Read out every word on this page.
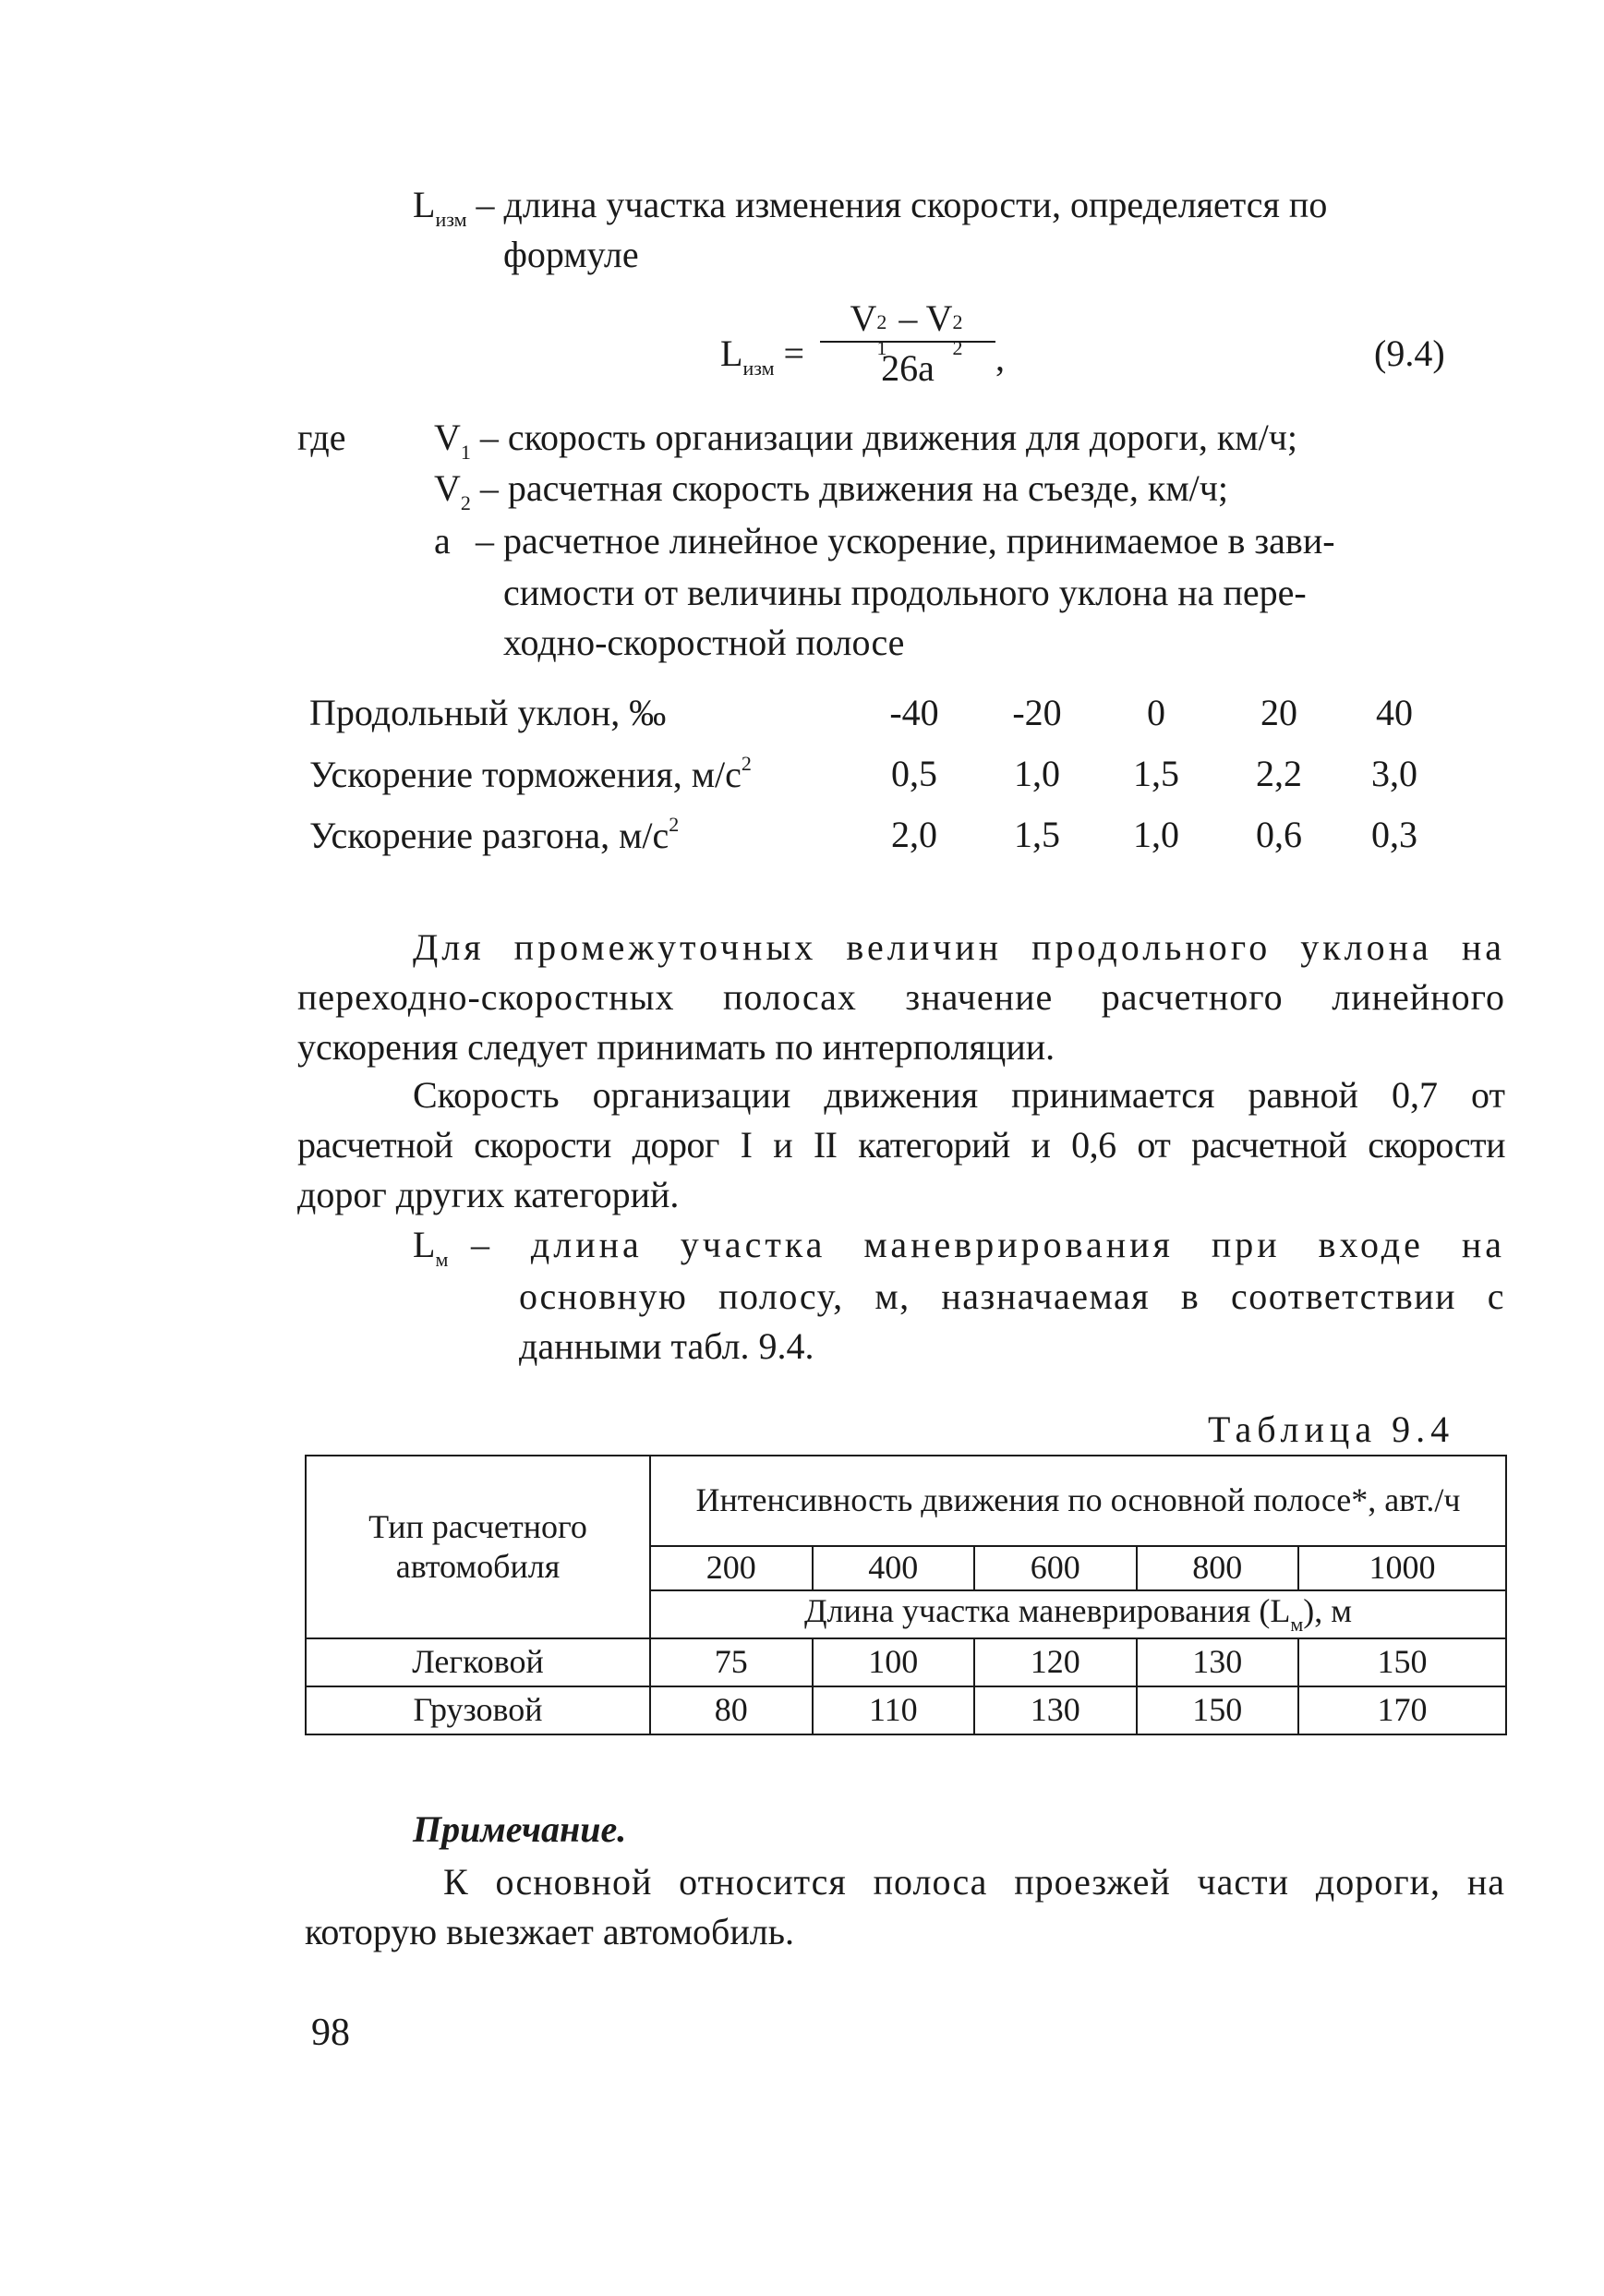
$L_{изм}$ – длина участка изменения скорости, определяется по
формуле
$L_{изм} = V$ 2
1
– V 2
2
26a ,	(9.4)
где $V_1$ – скорость организации движения для дороги, км/ч;
$V_2$ – расчетная скорость движения на съезде, км/ч;
a – расчетное линейное ускорение, принимаемое в зави-
симости от величины продольного уклона на пере-
ходно-скоростной полосе
Продольный уклон, ‰	-40	-20	0	20	40
Ускорение торможения, $м/с^2$	0,5	1,0	1,5	2,2	3,0
Ускорение разгона, $м/с^2$	2,0	1,5	1,0	0,6	0,3
Для промежуточных величин продольного уклона на
переходно-скоростных полосах значение расчетного линейного
ускорения следует принимать по интерполяции.
Скорость организации движения принимается равной 0,7 от
расчетной скорости дорог I и II категорий и 0,6 от расчетной скорости
дорог других категорий.
$L_м$ – длина участка маневрирования при входе на
основную полосу, м, назначаемая в соответствии с
данными табл. 9.4.
Таблица 9.4
Тип расчетного автомобиля	Интенсивность движения по основной полосе*, авт./ч				
	200	400	600	800	1000
	Длина участка маневрирования $(L_м)$, м				
Легковой	75	100	120	130	150
Грузовой	80	110	130	150	170
Примечание.
К основной относится полоса проезжей части дороги, на
которую выезжает автомобиль.
98
